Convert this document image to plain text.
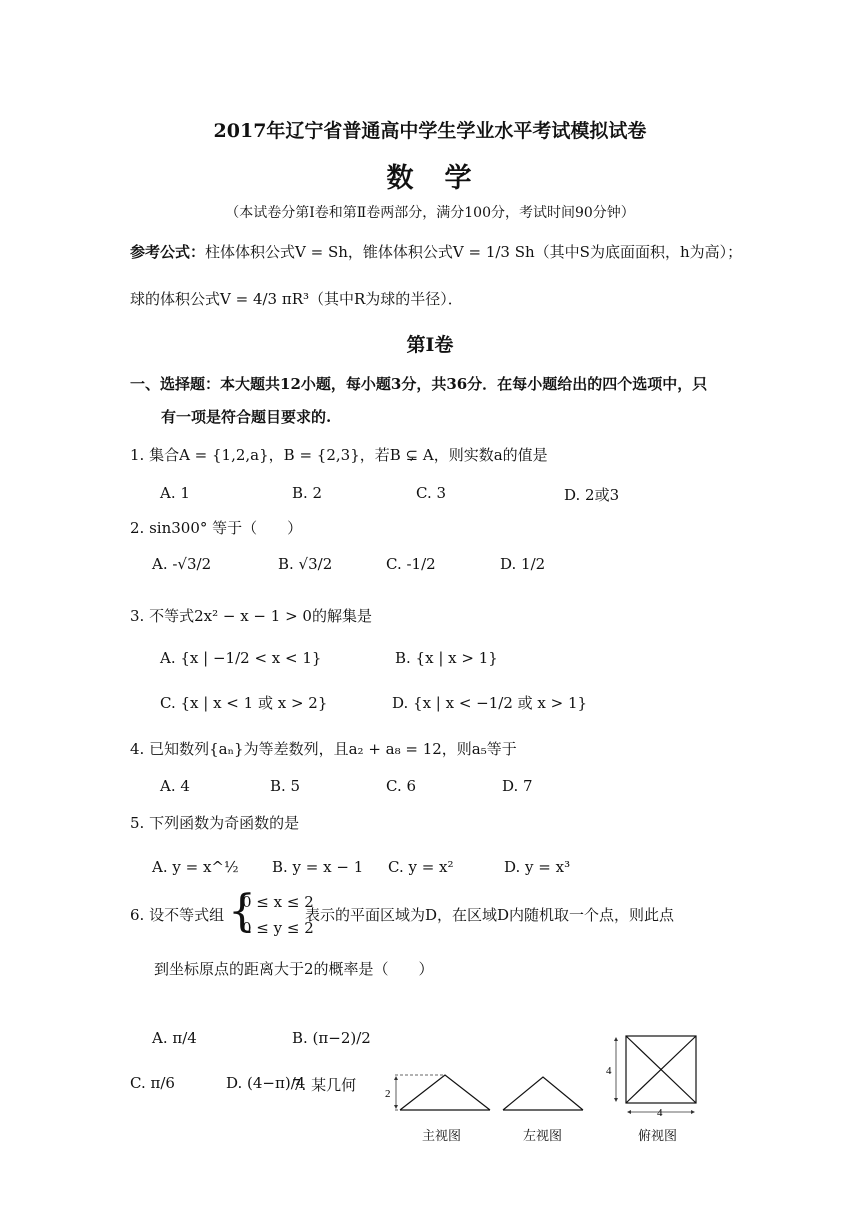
2017年辽宁省普通高中学生学业水平考试模拟试卷
数　学
（本试卷分第Ⅰ卷和第Ⅱ卷两部分，满分100分，考试时间90分钟）
参考公式：柱体体积公式V = Sh，锥体体积公式V = 1/3 Sh（其中S为底面面积，h为高）；
球的体积公式V = 4/3 πR³（其中R为球的半径）．
第Ⅰ卷
一、选择题：本大题共12小题，每小题3分，共36分．在每小题给出的四个选项中，只
有一项是符合题目要求的.
1. 集合A = {1,2,a}，B = {2,3}，若B ⊊ A，则实数a的值是
A. 1	B. 2	C. 3	D. 2或3
2. sin300° 等于（　　）
A. -√3/2	B. √3/2	C. -1/2	D. 1/2
3. 不等式2x² − x − 1 > 0的解集是
A. {x | −1/2 < x < 1}	B. {x | x > 1}
C. {x | x < 1 或 x > 2}	D. {x | x < −1/2 或 x > 1}
4. 已知数列{aₙ}为等差数列，且a₂ + a₈ = 12，则a₅等于
A. 4	B. 5	C. 6	D. 7
5. 下列函数为奇函数的是
A. y = x^½ B. y = x − 1 C. y = x²	D. y = x³
6. 设不等式组 {
0 ≤ x ≤ 2
0 ≤ y ≤ 2
表示的平面区域为D，在区域D内随机取一个点，则此点
到坐标原点的距离大于2的概率是（　　）
A. π/4	B. (π−2)/2
C. π/6	D. (4−π)/4
7. 某几何	2
4
4
主视图	左视图	俯视图
